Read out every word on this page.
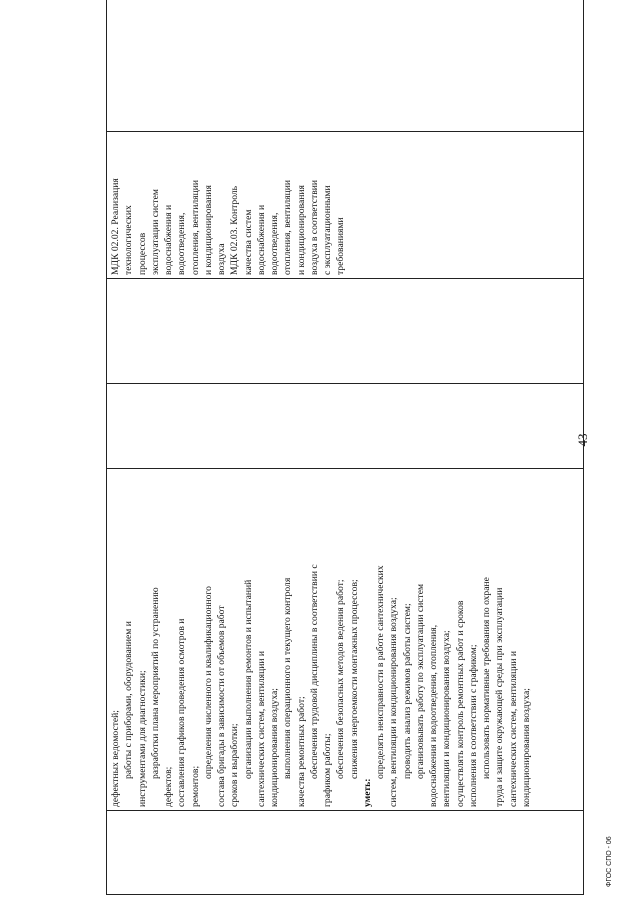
43

дефектных ведомостей; работы с приборами, оборудованием и инструментами для диагностики; разработки плана мероприятий по устранению
дефектов; составления графиков проведения осмотров и ремонтов;
определения численного и квалификационного состава бригады в зависимости от объемов работ сроков и выработки; организации выполнения ремонтов и испытаний сантехнических систем, вентиляции и кондиционирования воздуха; выполнения операционного и текущего контроля качества ремонтных работ; обеспечения трудовой дисциплины в соответствии с графиком работы; обеспечения безопасных методов ведения работ; снижения энергоемкости монтажных процессов;
уметь:
определять неисправности в работе сантехнических систем, вентиляции и кондиционирования воздуха; проводить анализ режимов работы систем; организовывать работу по эксплуатации систем водоснабжения и водоотведения, отопления, вентиляции и кондиционирования воздуха; осуществлять контроль ремонтных работ и сроков исполнения в соответствии с графиком; использовать нормативные требования по охране труда и защите окружающей среды при эксплуатации сантехнических систем, вентиляции и кондиционирования воздуха;

МДК 02.02. Реализация технологических процессов эксплуатации систем водоснабжения и водоотведения, отопления, вентиляции и кондиционирования воздуха МДК 02.03. Контроль качества систем водоснабжения и водоотведения, отопления, вентиляции и кондиционирования воздуха в соответствии с эксплуатационными требованиями

ФГОС СПО - 06
